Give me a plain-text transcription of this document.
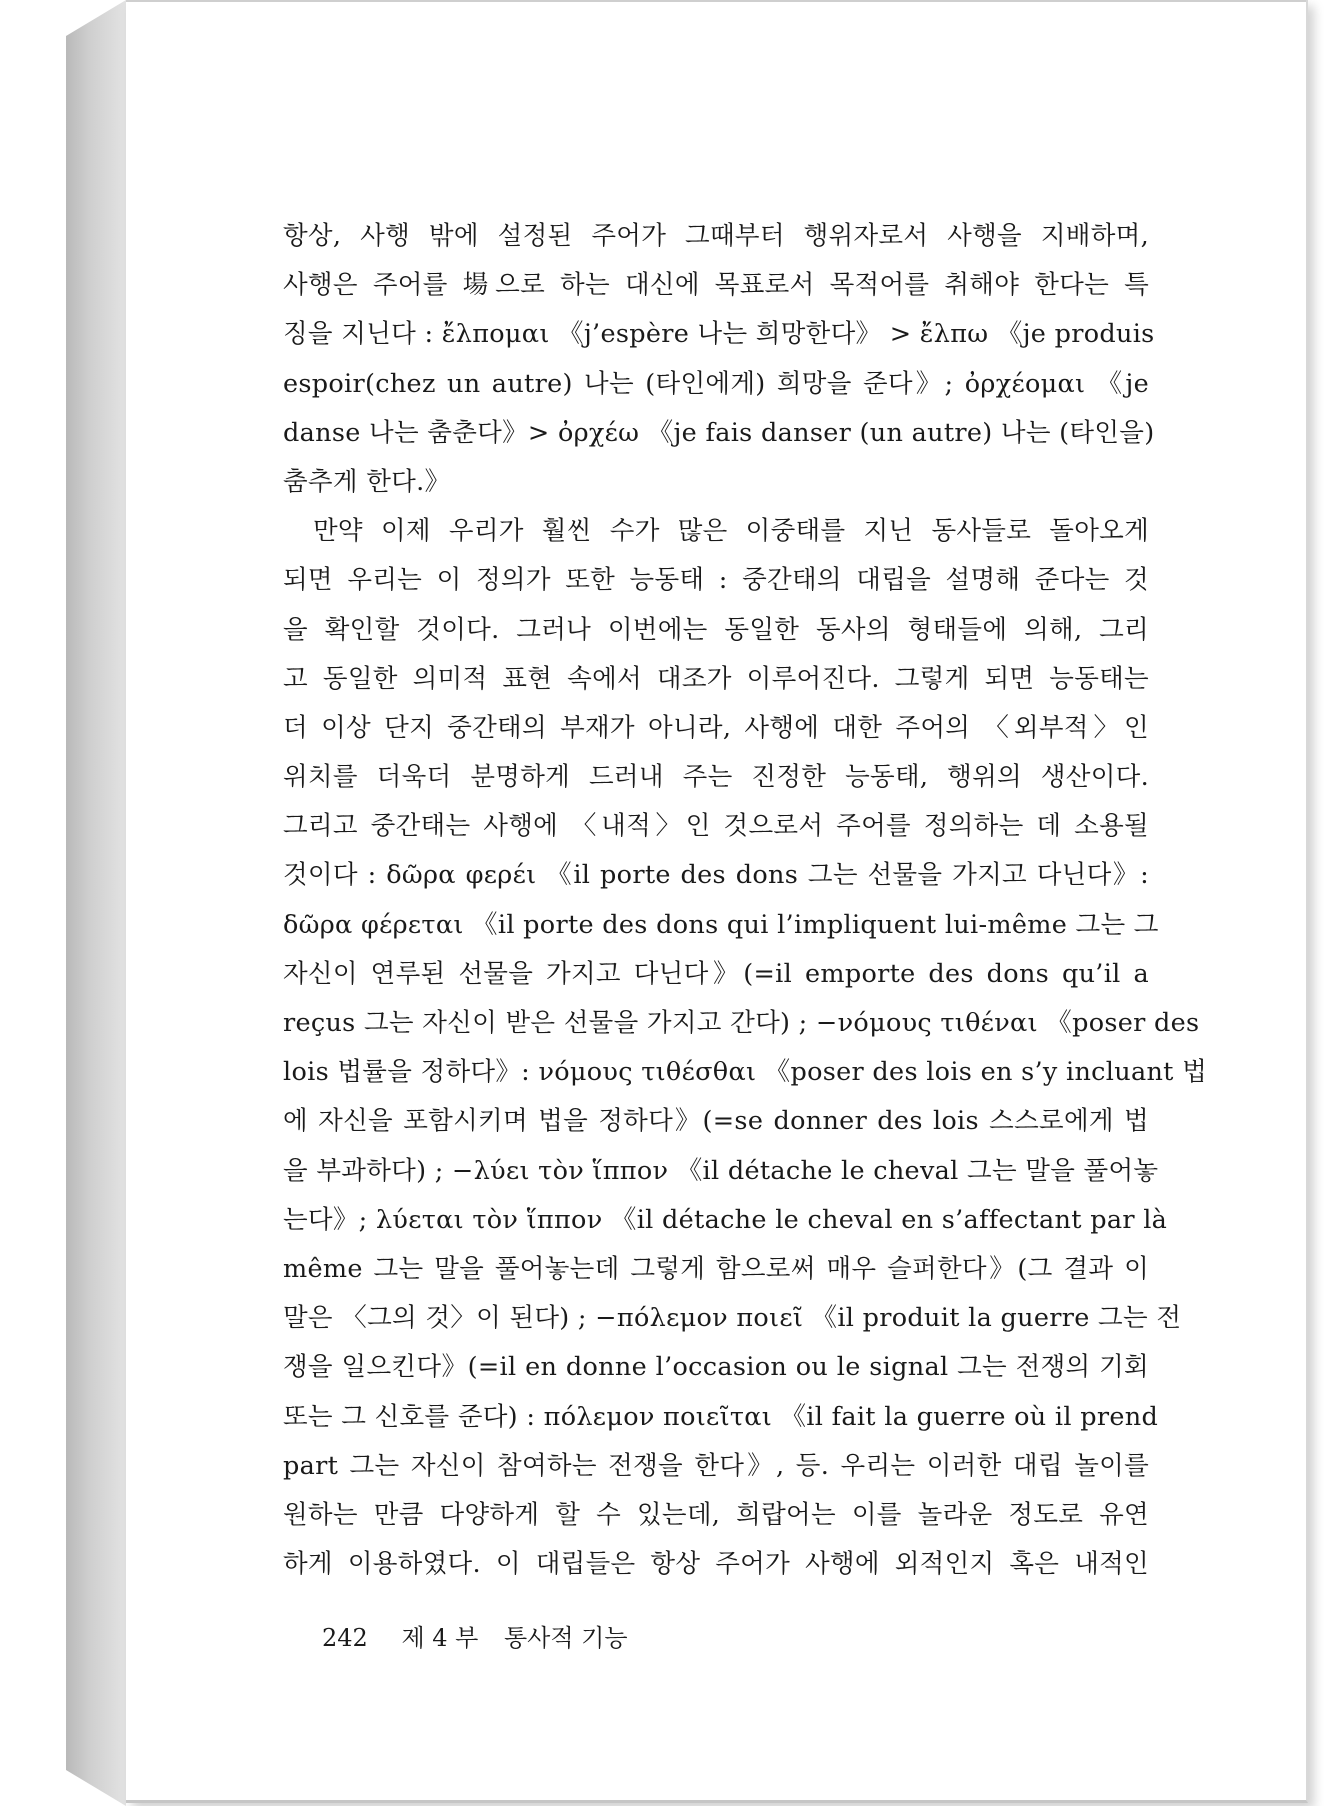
항상, 사행 밖에 설정된 주어가 그때부터 행위자로서 사행을 지배하며,
사행은 주어를 場으로 하는 대신에 목표로서 목적어를 취해야 한다는 특
징을 지닌다 : ἔλπομαι 《j’espère 나는 희망한다》 > ἔλπω 《je produis
espoir(chez un autre) 나는 (타인에게) 희망을 준다》; ὀρχέομαι 《je
danse 나는 춤춘다》> ὀρχέω 《je fais danser (un autre) 나는 (타인을)
춤추게 한다.》
만약 이제 우리가 훨씬 수가 많은 이중태를 지닌 동사들로 돌아오게
되면 우리는 이 정의가 또한 능동태 : 중간태의 대립을 설명해 준다는 것
을 확인할 것이다. 그러나 이번에는 동일한 동사의 형태들에 의해, 그리
고 동일한 의미적 표현 속에서 대조가 이루어진다. 그렇게 되면 능동태는
더 이상 단지 중간태의 부재가 아니라, 사행에 대한 주어의 〈외부적〉인
위치를 더욱더 분명하게 드러내 주는 진정한 능동태, 행위의 생산이다.
그리고 중간태는 사행에 〈내적〉인 것으로서 주어를 정의하는 데 소용될
것이다 : δῶρα φερέι 《il porte des dons 그는 선물을 가지고 다닌다》:
δῶρα φέρεται 《il porte des dons qui l’impliquent lui-même 그는 그
자신이 연루된 선물을 가지고 다닌다》(=il emporte des dons qu’il a
reçus 그는 자신이 받은 선물을 가지고 간다) ; −νόμους τιθέναι 《poser des
lois 법률을 정하다》: νόμους τιθέσθαι 《poser des lois en s’y incluant 법
에 자신을 포함시키며 법을 정하다》(=se donner des lois 스스로에게 법
을 부과하다) ; −λύει τὸν ἵππον 《il détache le cheval 그는 말을 풀어놓
는다》; λύεται τὸν ἵππον 《il détache le cheval en s’affectant par là
même 그는 말을 풀어놓는데 그렇게 함으로써 매우 슬퍼한다》(그 결과 이
말은 〈그의 것〉이 된다) ; −πόλεμον ποιεῖ 《il produit la guerre 그는 전
쟁을 일으킨다》(=il en donne l’occasion ou le signal 그는 전쟁의 기회
또는 그 신호를 준다) : πόλεμον ποιεῖται 《il fait la guerre où il prend
part 그는 자신이 참여하는 전쟁을 한다》, 등. 우리는 이러한 대립 놀이를
원하는 만큼 다양하게 할 수 있는데, 희랍어는 이를 놀라운 정도로 유연
하게 이용하였다. 이 대립들은 항상 주어가 사행에 외적인지 혹은 내적인
242 제 4 부 통사적 기능
